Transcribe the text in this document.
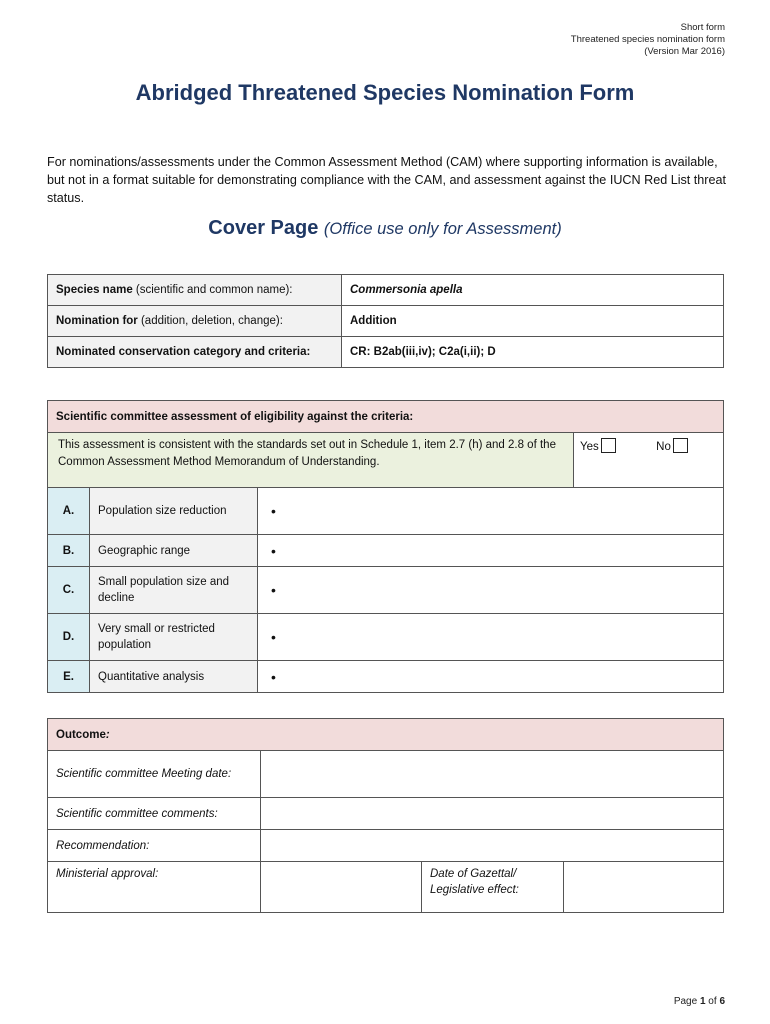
Short form
Threatened species nomination form
(Version Mar 2016)
Abridged Threatened Species Nomination Form
For nominations/assessments under the Common Assessment Method (CAM) where supporting information is available, but not in a format suitable for demonstrating compliance with the CAM, and assessment against the IUCN Red List threat status.
Cover Page (Office use only for Assessment)
Species name (scientific and common name):	Commersonia apella
Nomination for (addition, deletion, change):	Addition
Nominated conservation category and criteria:	CR: B2ab(iii,iv); C2a(i,ii); D
Scientific committee assessment of eligibility against the criteria:			
This assessment is consistent with the standards set out in Schedule 1, item 2.7 (h) and 2.8 of the Common Assessment Method Memorandum of Understanding.			Yes No
A.	Population size reduction	•	
B.	Geographic range	•	
C.	Small population size and decline	•	
D.	Very small or restricted population	•	
E.	Quantitative analysis	•	
Outcome:			
Scientific committee Meeting date:			
Scientific committee comments:			
Recommendation:			
Ministerial approval:		Date of Gazettal/ Legislative effect:	
Page 1 of 6
